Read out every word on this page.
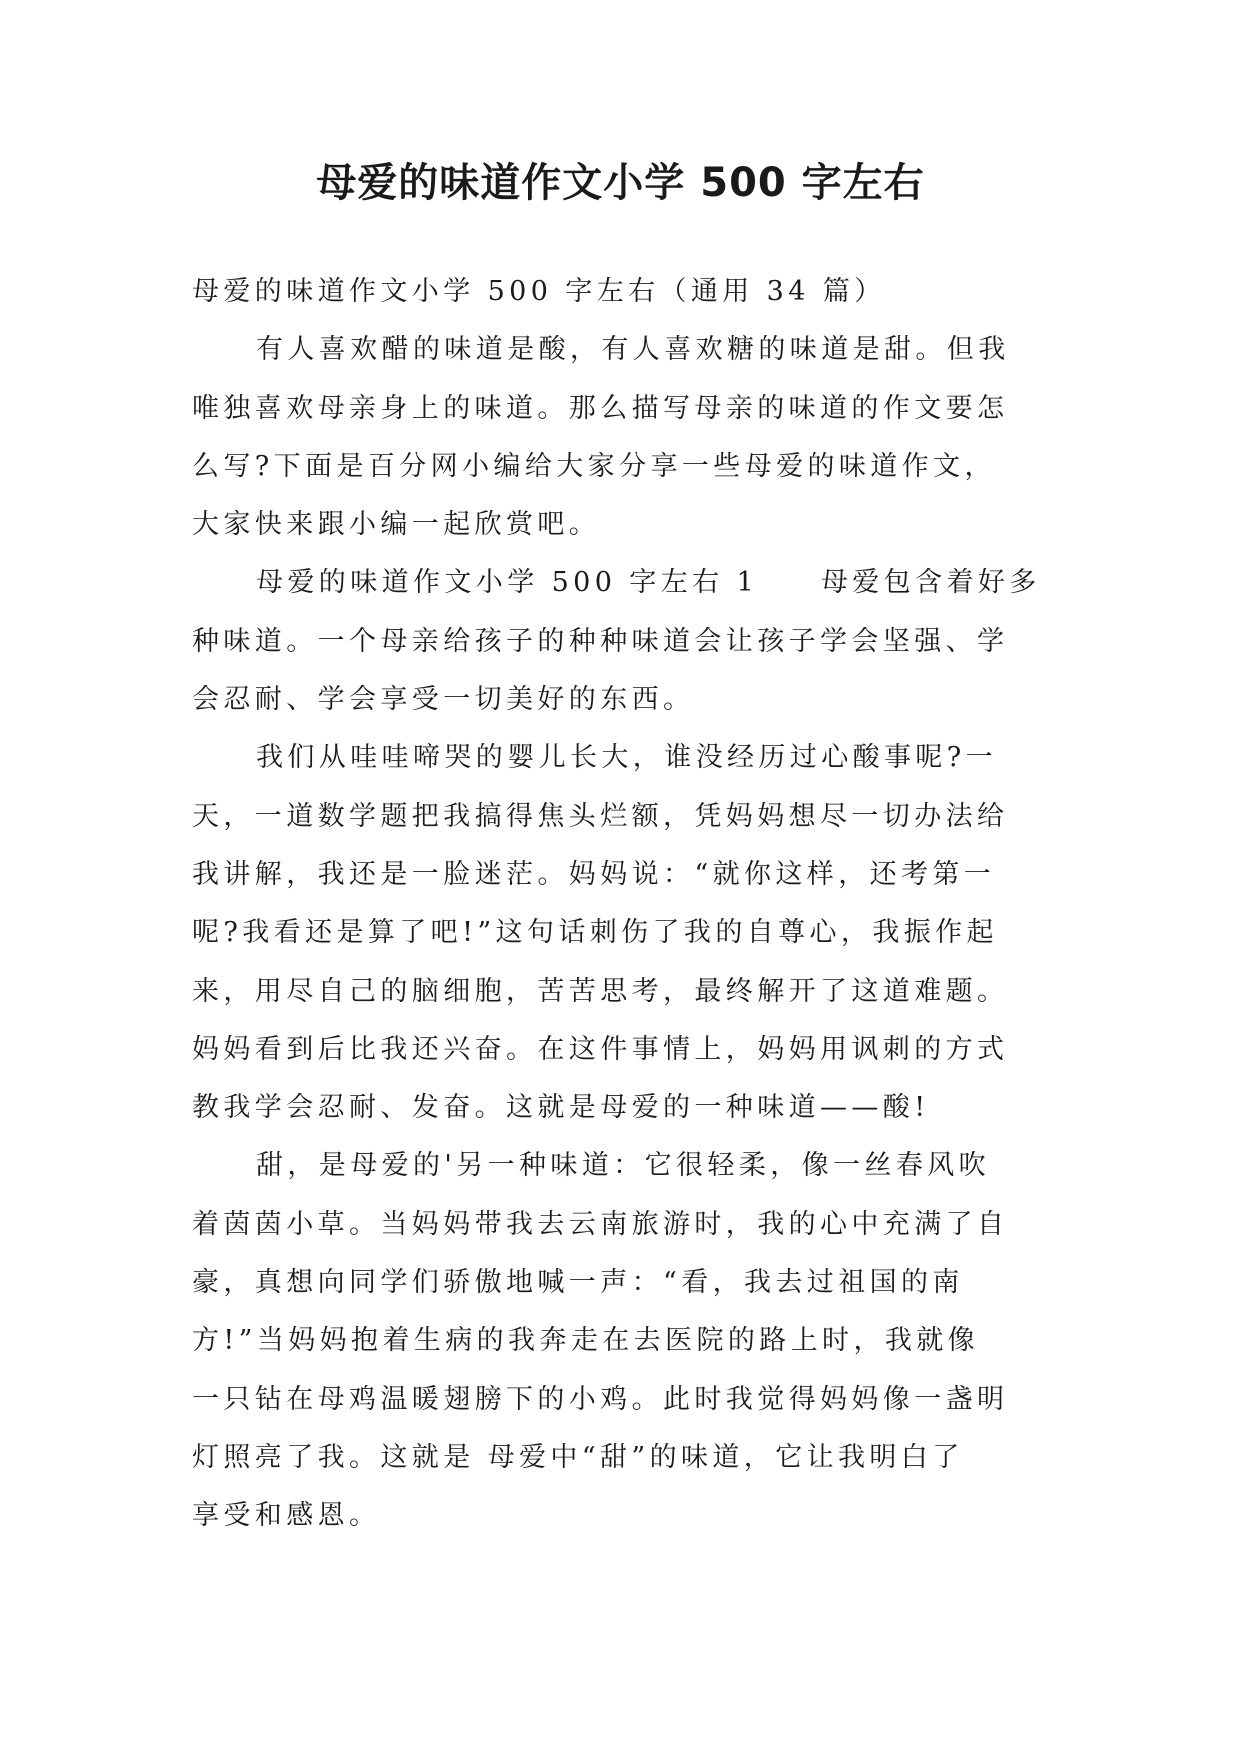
母爱的味道作文小学 500 字左右
母爱的味道作文小学 500 字左右（通用 34 篇）
有人喜欢醋的味道是酸，有人喜欢糖的味道是甜。但我
唯独喜欢母亲身上的味道。那么描写母亲的味道的作文要怎
么写?下面是百分网小编给大家分享一些母爱的味道作文，
大家快来跟小编一起欣赏吧。
母爱的味道作文小学 500 字左右 1　　母爱包含着好多
种味道。一个母亲给孩子的种种味道会让孩子学会坚强、学
会忍耐、学会享受一切美好的东西。
我们从哇哇啼哭的婴儿长大，谁没经历过心酸事呢?一
天，一道数学题把我搞得焦头烂额，凭妈妈想尽一切办法给
我讲解，我还是一脸迷茫。妈妈说：“就你这样，还考第一
呢?我看还是算了吧!”这句话刺伤了我的自尊心，我振作起
来，用尽自己的脑细胞，苦苦思考，最终解开了这道难题。
妈妈看到后比我还兴奋。在这件事情上，妈妈用讽刺的方式
教我学会忍耐、发奋。这就是母爱的一种味道——酸!
甜，是母爱的'另一种味道：它很轻柔，像一丝春风吹
着茵茵小草。当妈妈带我去云南旅游时，我的心中充满了自
豪，真想向同学们骄傲地喊一声：“看，我去过祖国的南
方!”当妈妈抱着生病的我奔走在去医院的路上时，我就像
一只钻在母鸡温暖翅膀下的小鸡。此时我觉得妈妈像一盏明
灯照亮了我。这就是 母爱中“甜”的味道，它让我明白了
享受和感恩。
